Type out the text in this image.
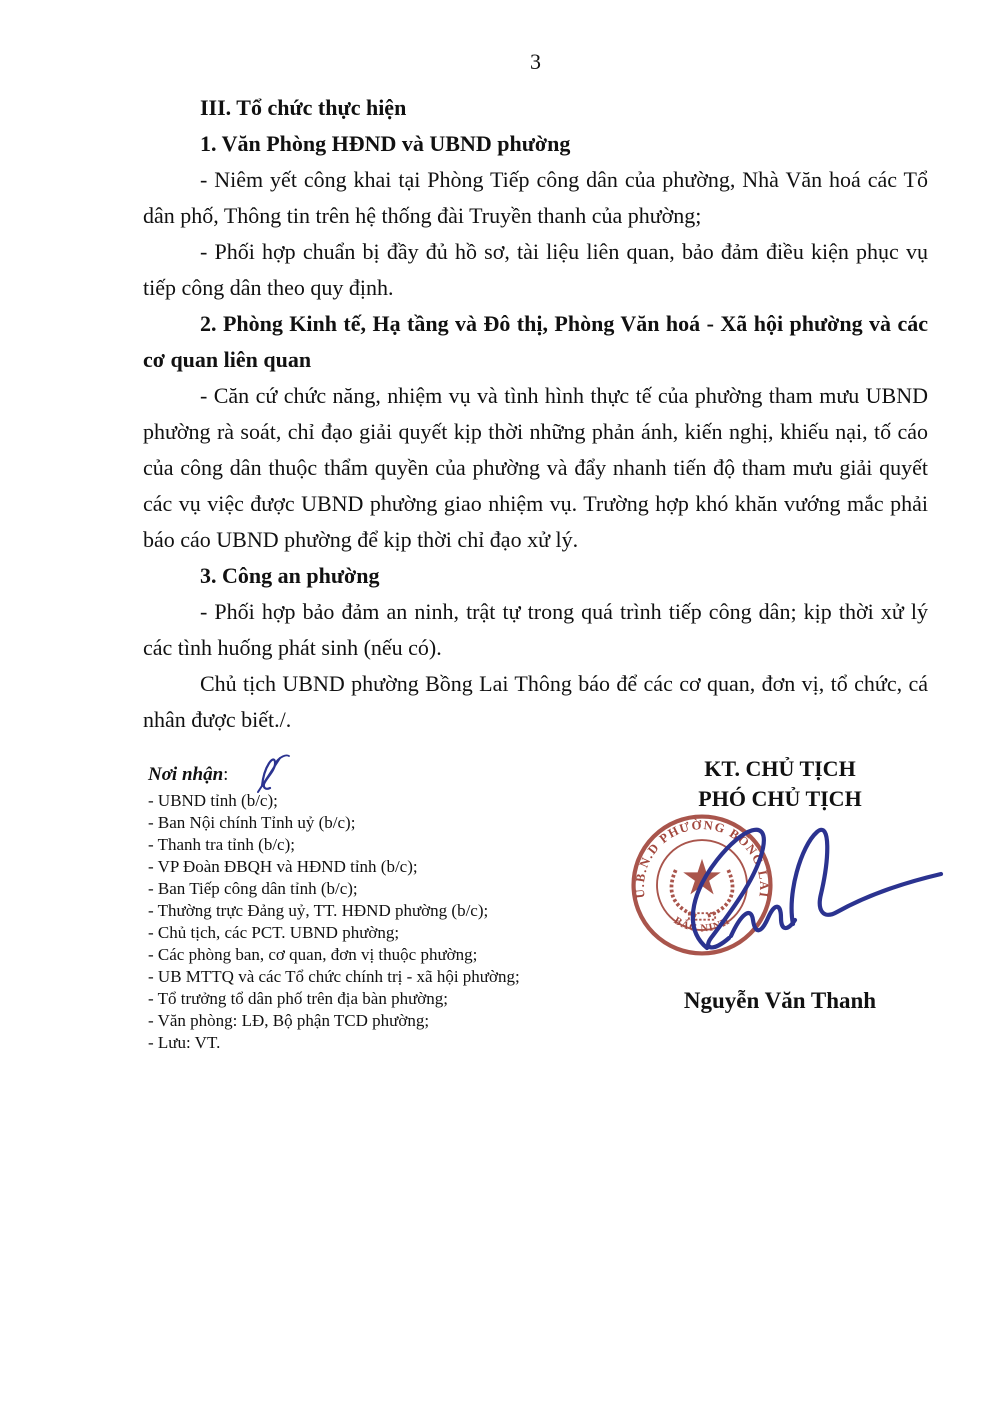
3

III. Tổ chức thực hiện

1. Văn Phòng HĐND và UBND phường

- Niêm yết công khai tại Phòng Tiếp công dân của phường, Nhà Văn hoá các Tổ dân phố, Thông tin trên hệ thống đài Truyền thanh của phường;

- Phối hợp chuẩn bị đầy đủ hồ sơ, tài liệu liên quan, bảo đảm điều kiện phục vụ tiếp công dân theo quy định.

2. Phòng Kinh tế, Hạ tầng và Đô thị, Phòng Văn hoá - Xã hội phường và các cơ quan liên quan

- Căn cứ chức năng, nhiệm vụ và tình hình thực tế của phường tham mưu UBND phường rà soát, chỉ đạo giải quyết kịp thời những phản ánh, kiến nghị, khiếu nại, tố cáo của công dân thuộc thẩm quyền của phường và đẩy nhanh tiến độ tham mưu giải quyết các vụ việc được UBND phường giao nhiệm vụ. Trường hợp khó khăn vướng mắc phải báo cáo UBND phường để kịp thời chỉ đạo xử lý.

3. Công an phường

- Phối hợp bảo đảm an ninh, trật tự trong quá trình tiếp công dân; kịp thời xử lý các tình huống phát sinh (nếu có).

Chủ tịch UBND phường Bồng Lai Thông báo để các cơ quan, đơn vị, tổ chức, cá nhân được biết./.

Nơi nhận:
- UBND tỉnh (b/c);
- Ban Nội chính Tỉnh uỷ (b/c);
- Thanh tra tỉnh (b/c);
- VP Đoàn ĐBQH và HĐND tỉnh (b/c);
- Ban Tiếp công dân tỉnh (b/c);
- Thường trực Đảng uỷ, TT. HĐND phường (b/c);
- Chủ tịch, các PCT. UBND phường;
- Các phòng ban, cơ quan, đơn vị thuộc phường;
- UB MTTQ và các Tổ chức chính trị - xã hội phường;
- Tổ trưởng tổ dân phố trên địa bàn phường;
- Văn phòng: LĐ, Bộ phận TCD phường;
- Lưu: VT.
KT. CHỦ TỊCH
PHÓ CHỦ TỊCH
U.B.N.D PHƯỜNG BỒNG LAI
BẮC NINH
Nguyễn Văn Thanh
